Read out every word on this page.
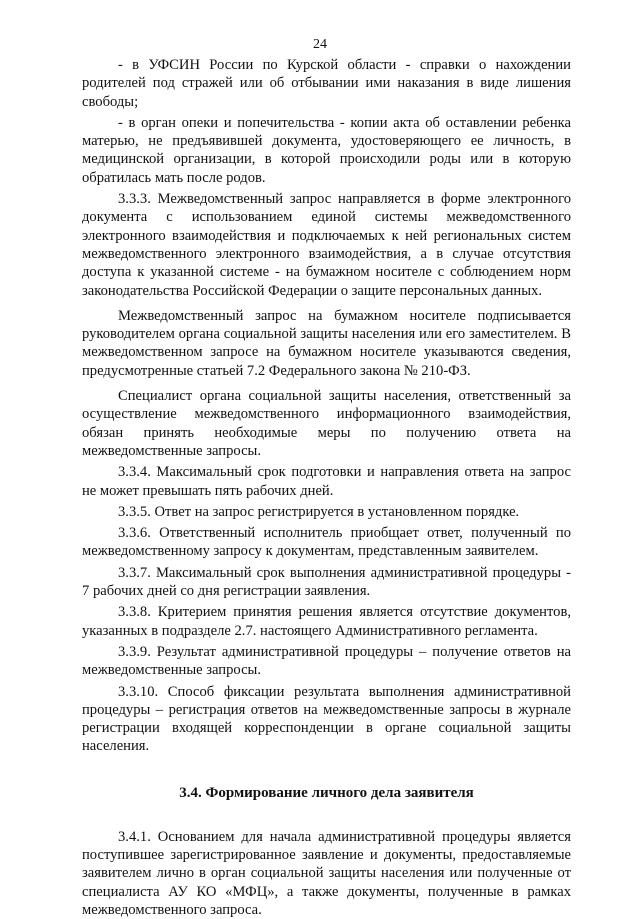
24

- в УФСИН России по Курской области - справки о нахождении родителей под стражей или об отбывании ими наказания в виде лишения свободы;

- в орган опеки и попечительства - копии акта об оставлении ребенка матерью, не предъявившей документа, удостоверяющего ее личность, в медицинской организации, в которой происходили роды или в которую обратилась мать после родов.

3.3.3. Межведомственный запрос направляется в форме электронного документа с использованием единой системы межведомственного электронного взаимодействия и подключаемых к ней региональных систем межведомственного электронного взаимодействия, а в случае отсутствия доступа к указанной системе - на бумажном носителе с соблюдением норм законодательства Российской Федерации о защите персональных данных.

Межведомственный запрос на бумажном носителе подписывается руководителем органа социальной защиты населения или его заместителем. В межведомственном запросе на бумажном носителе указываются сведения, предусмотренные статьей 7.2 Федерального закона № 210-ФЗ.

Специалист органа социальной защиты населения, ответственный за осуществление межведомственного информационного взаимодействия, обязан принять необходимые меры по получению ответа на межведомственные запросы.

3.3.4. Максимальный срок подготовки и направления ответа на запрос не может превышать пять рабочих дней.

3.3.5. Ответ на запрос регистрируется в установленном порядке.

3.3.6. Ответственный исполнитель приобщает ответ, полученный по межведомственному запросу к документам, представленным заявителем.

3.3.7. Максимальный срок выполнения административной процедуры - 7 рабочих дней со дня регистрации заявления.

3.3.8. Критерием принятия решения является отсутствие документов, указанных в подразделе 2.7. настоящего Административного регламента.

3.3.9. Результат административной процедуры – получение ответов на межведомственные запросы.

3.3.10. Способ фиксации результата выполнения административной процедуры – регистрация ответов на межведомственные запросы в журнале регистрации входящей корреспонденции в органе социальной защиты населения.

3.4. Формирование личного дела заявителя

3.4.1. Основанием для начала административной процедуры является поступившее зарегистрированное заявление и документы, предоставляемые заявителем лично в орган социальной защиты населения или полученные от специалиста АУ КО «МФЦ», а также документы, полученные в рамках межведомственного запроса.
